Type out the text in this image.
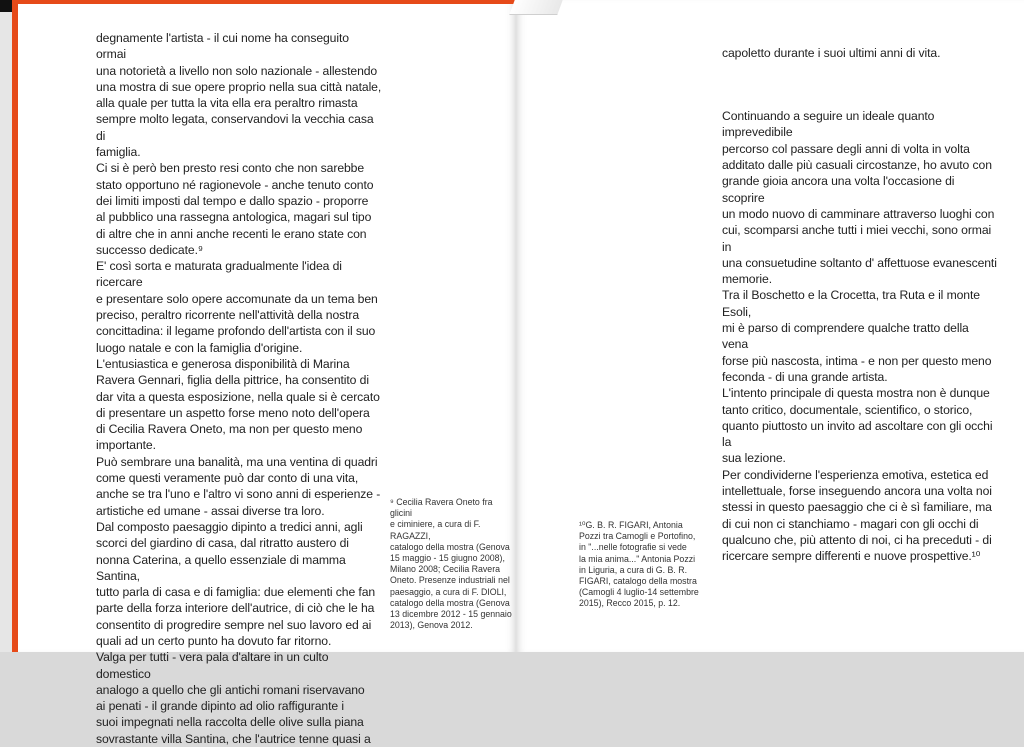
degnamente l'artista - il cui nome ha conseguito ormai
una notorietà a livello non solo nazionale - allestendo
una mostra di sue opere proprio nella sua città natale,
alla quale per tutta la vita ella era peraltro rimasta
sempre molto legata, conservandovi la vecchia casa di
famiglia.
Ci si è però ben presto resi conto che non sarebbe
stato opportuno né ragionevole - anche tenuto conto
dei limiti imposti dal tempo e dallo spazio - proporre
al pubblico una rassegna antologica, magari sul tipo
di altre che in anni anche recenti le erano state con
successo dedicate.⁹
E' così sorta e maturata gradualmente l'idea di ricercare
e presentare solo opere accomunate da un tema ben
preciso, peraltro ricorrente nell'attività della nostra
concittadina: il legame profondo dell'artista con il suo
luogo natale e con la famiglia d'origine.
L'entusiastica e generosa disponibilità di Marina
Ravera Gennari, figlia della pittrice, ha consentito di
dar vita a questa esposizione, nella quale si è cercato
di presentare un aspetto forse meno noto dell'opera
di Cecilia Ravera Oneto, ma non per questo meno
importante.
Può sembrare una banalità, ma una ventina di quadri
come questi veramente può dar conto di una vita,
anche se tra l'uno e l'altro vi sono anni di esperienze -
artistiche ed umane - assai diverse tra loro.
Dal composto paesaggio dipinto a tredici anni, agli
scorci del giardino di casa, dal ritratto austero di
nonna Caterina, a quello essenziale di mamma Santina,
tutto parla di casa e di famiglia: due elementi che fan
parte della forza interiore dell'autrice, di ciò che le ha
consentito di progredire sempre nel suo lavoro ed ai
quali ad un certo punto ha dovuto far ritorno.
Valga per tutti - vera pala d'altare in un culto domestico
analogo a quello che gli antichi romani riservavano
ai penati - il grande dipinto ad olio raffigurante i
suoi impegnati nella raccolta delle olive sulla piana
sovrastante villa Santina, che l'autrice tenne quasi a
⁹ Cecilia Ravera Oneto fra glicini
e ciminiere, a cura di F. RAGAZZI,
catalogo della mostra (Genova
15 maggio - 15 giugno 2008),
Milano 2008; Cecilia Ravera
Oneto. Presenze industriali nel
paesaggio, a cura di F. DIOLI,
catalogo della mostra (Genova
13 dicembre 2012 - 15 gennaio
2013), Genova 2012.

capoletto durante i suoi ultimi anni di vita.

Continuando a seguire un ideale quanto imprevedibile
percorso col passare degli anni di volta in volta
additato dalle più casuali circostanze, ho avuto con
grande gioia ancora una volta l'occasione di scoprire
un modo nuovo di camminare attraverso luoghi con
cui, scomparsi anche tutti i miei vecchi, sono ormai in
una consuetudine soltanto d' affettuose evanescenti
memorie.
Tra il Boschetto e la Crocetta, tra Ruta e il monte Esoli,
mi è parso di comprendere qualche tratto della vena
forse più nascosta, intima - e non per questo meno
feconda - di una grande artista.
L'intento principale di questa mostra non è dunque
tanto critico, documentale, scientifico, o storico,
quanto piuttosto un invito ad ascoltare con gli occhi la
sua lezione.
Per condividerne l'esperienza emotiva, estetica ed
intellettuale, forse inseguendo ancora una volta noi
stessi in questo paesaggio che ci è sì familiare, ma
di cui non ci stanchiamo - magari con gli occhi di
qualcuno che, più attento di noi, ci ha preceduti - di
ricercare sempre differenti e nuove prospettive.¹⁰

¹⁰G. B. R. FIGARI, Antonia
Pozzi tra Camogli e Portofino,
in "...nelle fotografie si vede
la mia anima..." Antonia Pozzi
in Liguria, a cura di G. B. R.
FIGARI, catalogo della mostra
(Camogli 4 luglio-14 settembre
2015), Recco 2015, p. 12.
